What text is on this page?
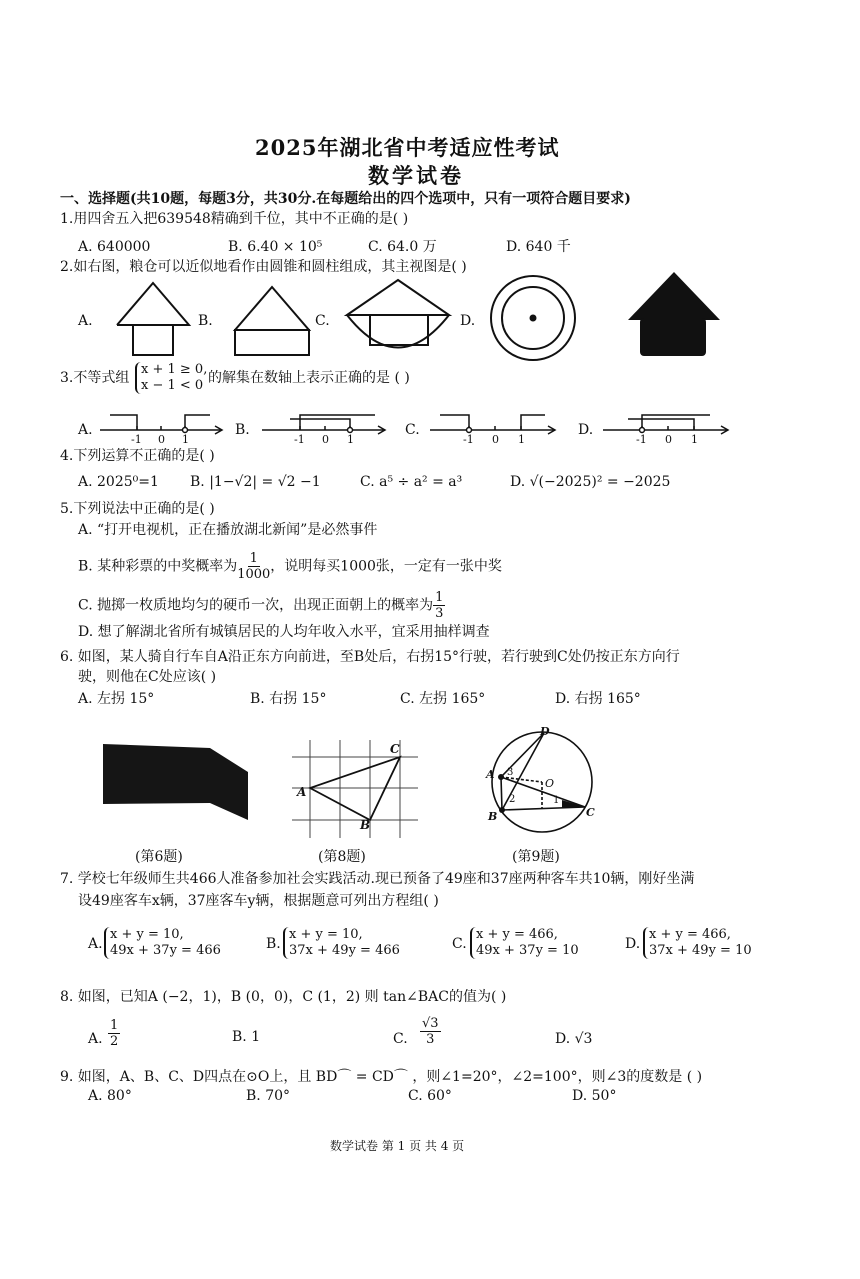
2025年湖北省中考适应性考试
数学试卷
一、选择题(共10题，每题3分，共30分.在每题给出的四个选项中，只有一项符合题目要求)
1.用四舍五入把639548精确到千位，其中不正确的是( )
A. 640000	B. 6.40 × 10⁵	C. 64.0 万	D. 640 千
2.如右图，粮仓可以近似地看作由圆锥和圆柱组成，其主视图是( )
A.	B.	C.	D.
3.不等式组
x + 1 ≥ 0,
x − 1 < 0 的解集在数轴上表示正确的是 ( )
A.	B.	C.	D.
-1 0 1	-1 0 1	-1 0 1	-1 0 1
4.下列运算不正确的是( )
A. 2025⁰=1 B. |1−√2| = √2 −1	C. a⁵ ÷ a² = a³	D. √(−2025)² = −2025
5.下列说法中正确的是( )
A. “打开电视机，正在播放湖北新闻”是必然事件
B. 某种彩票的中奖概率为 $\frac{1}{1000}$ ，说明每买1000张，一定有一张中奖
C. 抛掷一枚质地均匀的硬币一次，出现正面朝上的概率为 $\frac{1}{3}$
D. 想了解湖北省所有城镇居民的人均年收入水平，宜采用抽样调查
6. 如图，某人骑自行车自A沿正东方向前进，至B处后，右拐15°行驶，若行驶到C处仍按正东方向行
驶，则他在C处应该( )
A. 左拐 15°	B. 右拐 15°	C. 左拐 165°	D. 右拐 165°
A
B
C
A
B	C
D
O
1
2
3
(第6题)	(第8题)	(第9题)
7. 学校七年级师生共466人准备参加社会实践活动.现已预备了49座和37座两种客车共10辆，刚好坐满
设49座客车x辆，37座客车y辆，根据题意可列出方程组( )
A.
x + y = 10,
49x + 37y = 466	B.
x + y = 10,
37x + 49y = 466	C.
x + y = 466,
49x + 37y = 10	D.
x + y = 466,
37x + 49y = 10
8. 如图，已知A (−2，1)，B (0，0)，C (1，2) 则 tan∠BAC的值为( )
A. $\frac{1}{2}$	B. 1	C. $\frac{√3}{3}$	D. √3
9. 如图，A、B、C、D四点在⊙O上，且 BD⌒ = CD⌒ ，则∠1=20°，∠2=100°，则∠3的度数是 ( )
A. 80°	B. 70°	C. 60°	D. 50°
数学试卷 第 1 页 共 4 页
